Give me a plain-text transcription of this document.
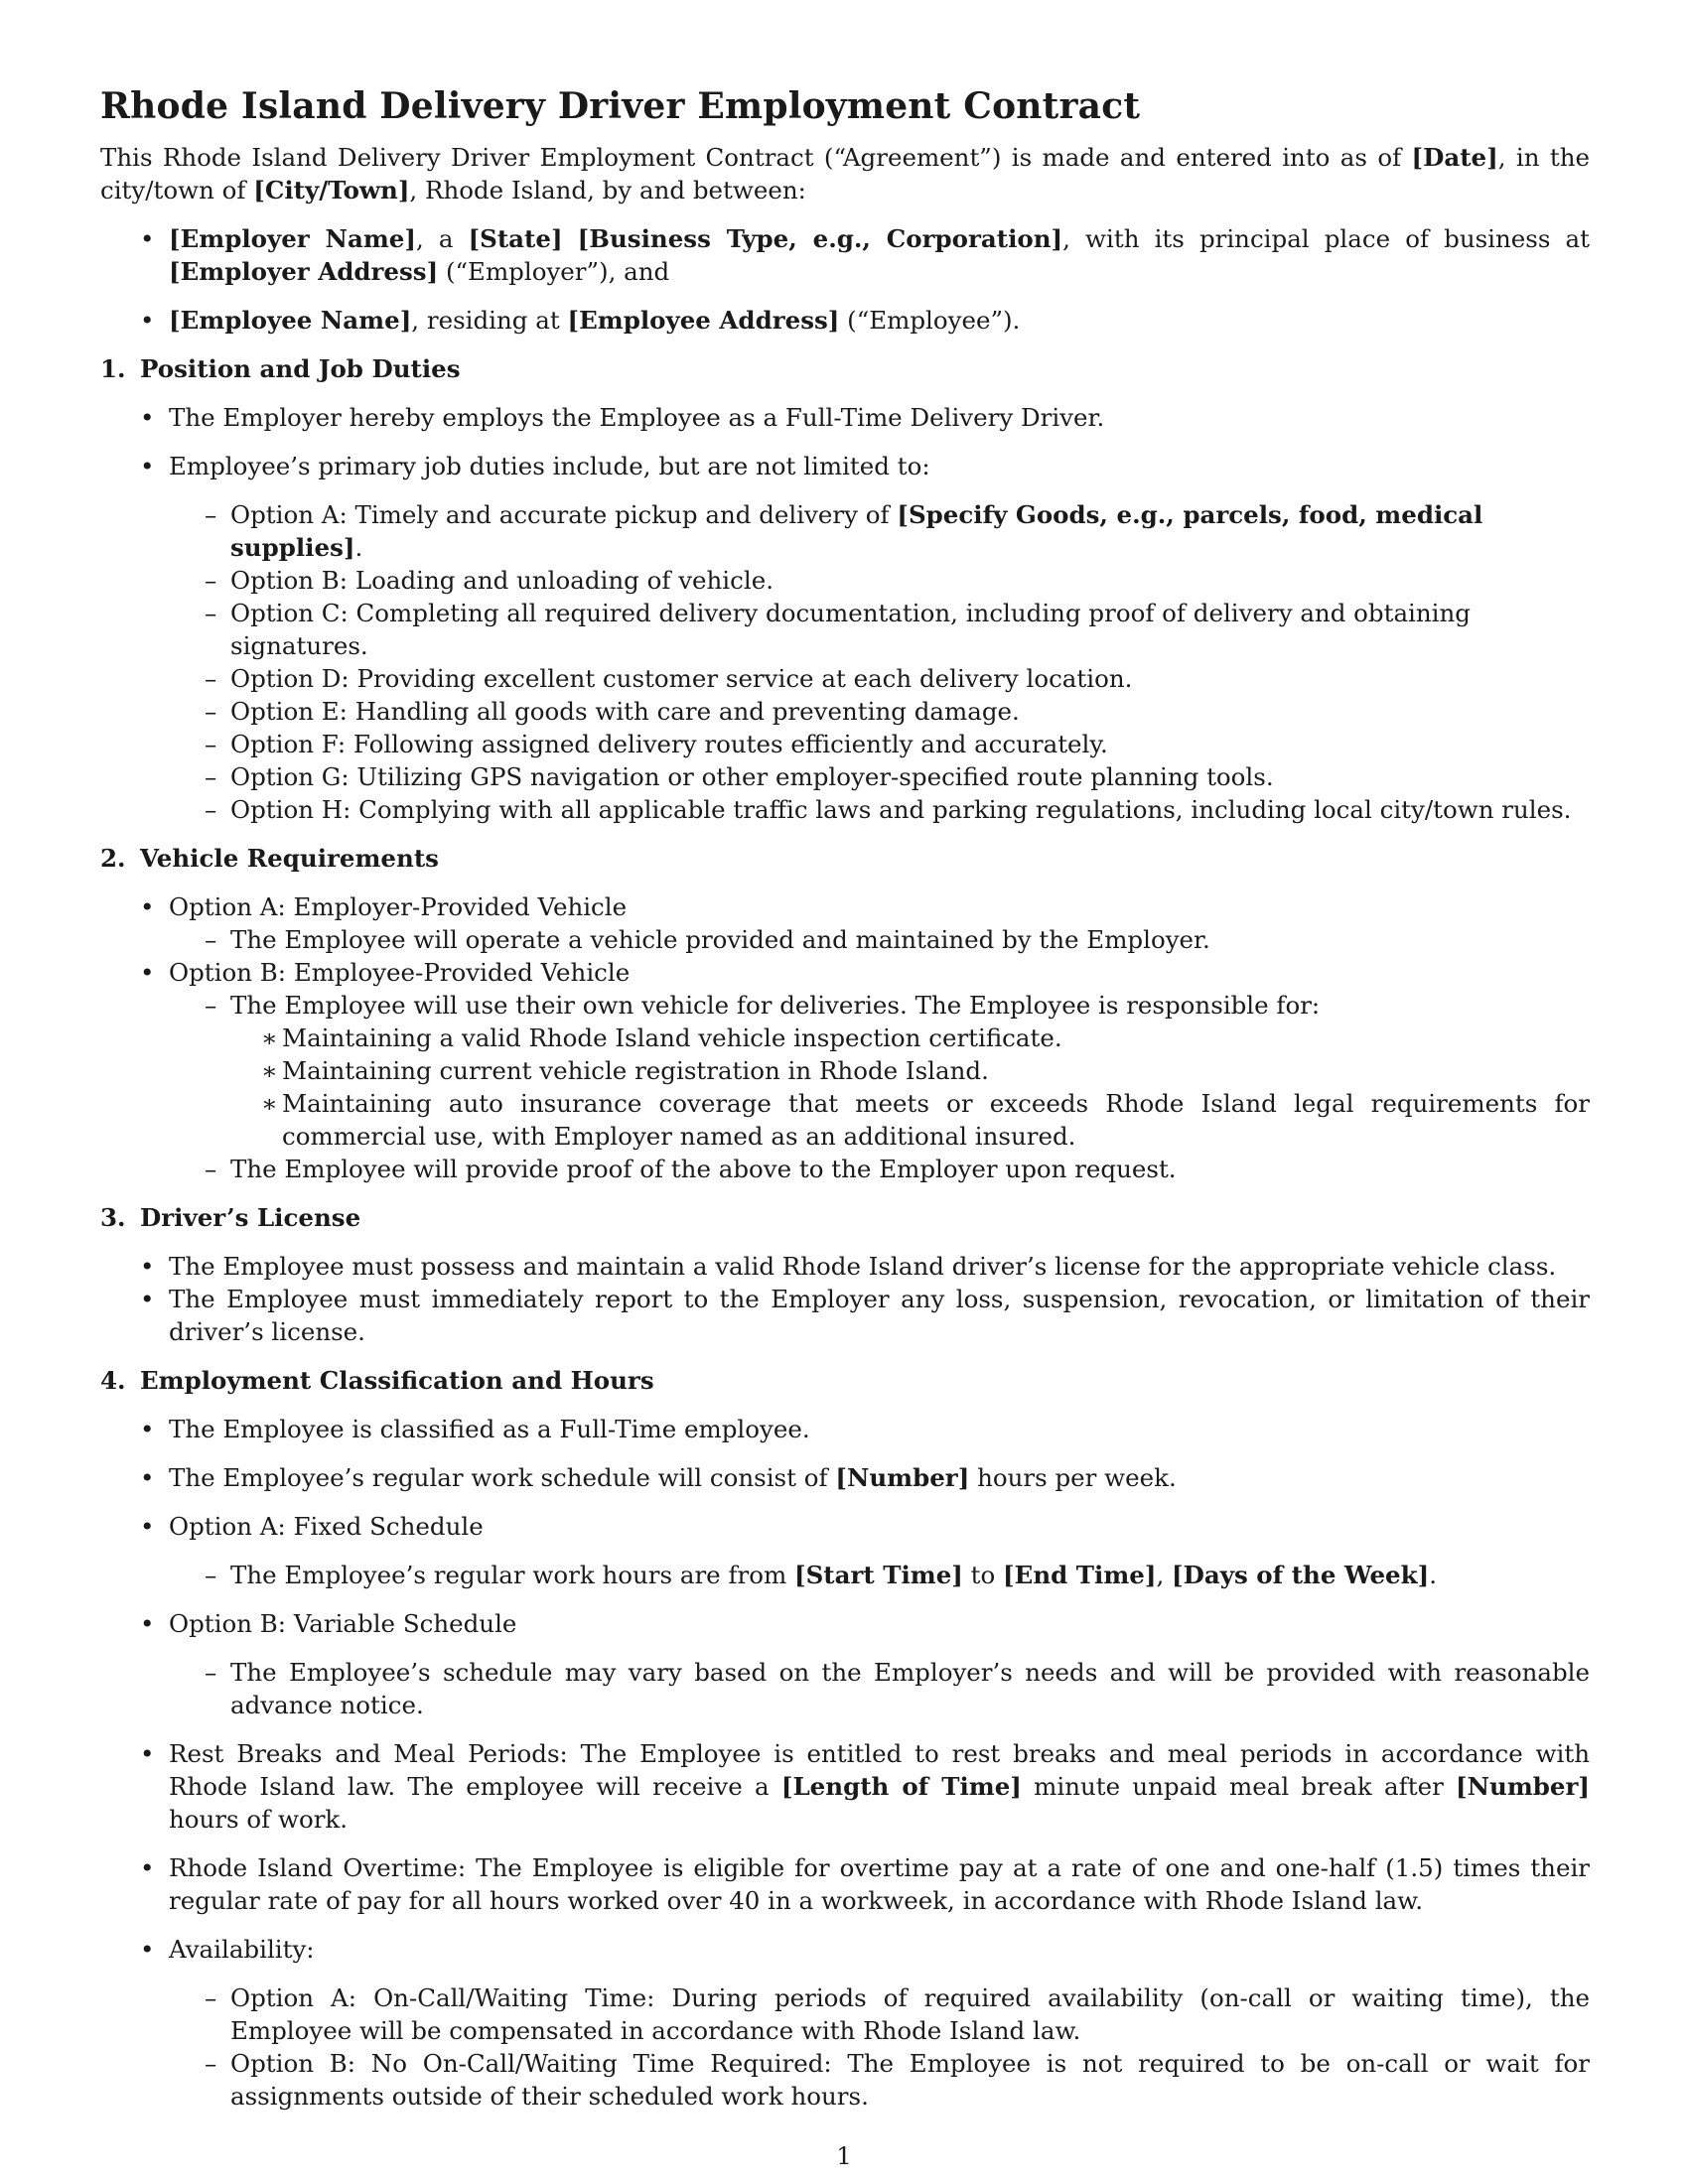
Rhode Island Delivery Driver Employment Contract

This Rhode Island Delivery Driver Employment Contract (“Agreement”) is made and entered into as of [Date], in the city/town of [City/Town], Rhode Island, by and between:

• [Employer Name], a [State] [Business Type, e.g., Corporation], with its principal place of business at [Employer Address] (“Employer”), and
• [Employee Name], residing at [Employee Address] (“Employee”).
1. Position and Job Duties
• The Employer hereby employs the Employee as a Full-Time Delivery Driver.
• Employee’s primary job duties include, but are not limited to:
– Option A: Timely and accurate pickup and delivery of [Specify Goods, e.g., parcels, food, medical supplies].
– Option B: Loading and unloading of vehicle.
– Option C: Completing all required delivery documentation, including proof of delivery and obtaining signatures.
– Option D: Providing excellent customer service at each delivery location.
– Option E: Handling all goods with care and preventing damage.
– Option F: Following assigned delivery routes efficiently and accurately.
– Option G: Utilizing GPS navigation or other employer-specified route planning tools.
– Option H: Complying with all applicable traffic laws and parking regulations, including local city/town rules.
2. Vehicle Requirements
• Option A: Employer-Provided Vehicle
– The Employee will operate a vehicle provided and maintained by the Employer.
• Option B: Employee-Provided Vehicle
– The Employee will use their own vehicle for deliveries. The Employee is responsible for:
∗ Maintaining a valid Rhode Island vehicle inspection certificate.
∗ Maintaining current vehicle registration in Rhode Island.
∗ Maintaining auto insurance coverage that meets or exceeds Rhode Island legal requirements for commercial use, with Employer named as an additional insured.
– The Employee will provide proof of the above to the Employer upon request.
3. Driver’s License
• The Employee must possess and maintain a valid Rhode Island driver’s license for the appropriate vehicle class.
• The Employee must immediately report to the Employer any loss, suspension, revocation, or limitation of their driver’s license.
4. Employment Classification and Hours
• The Employee is classified as a Full-Time employee.
• The Employee’s regular work schedule will consist of [Number] hours per week.
• Option A: Fixed Schedule
– The Employee’s regular work hours are from [Start Time] to [End Time], [Days of the Week].
• Option B: Variable Schedule
– The Employee’s schedule may vary based on the Employer’s needs and will be provided with reasonable advance notice.
• Rest Breaks and Meal Periods: The Employee is entitled to rest breaks and meal periods in accordance with Rhode Island law. The employee will receive a [Length of Time] minute unpaid meal break after [Number] hours of work.
• Rhode Island Overtime: The Employee is eligible for overtime pay at a rate of one and one-half (1.5) times their regular rate of pay for all hours worked over 40 in a workweek, in accordance with Rhode Island law.
• Availability:
– Option A: On-Call/Waiting Time: During periods of required availability (on-call or waiting time), the Employee will be compensated in accordance with Rhode Island law.
– Option B: No On-Call/Waiting Time Required: The Employee is not required to be on-call or wait for assignments outside of their scheduled work hours.
1
